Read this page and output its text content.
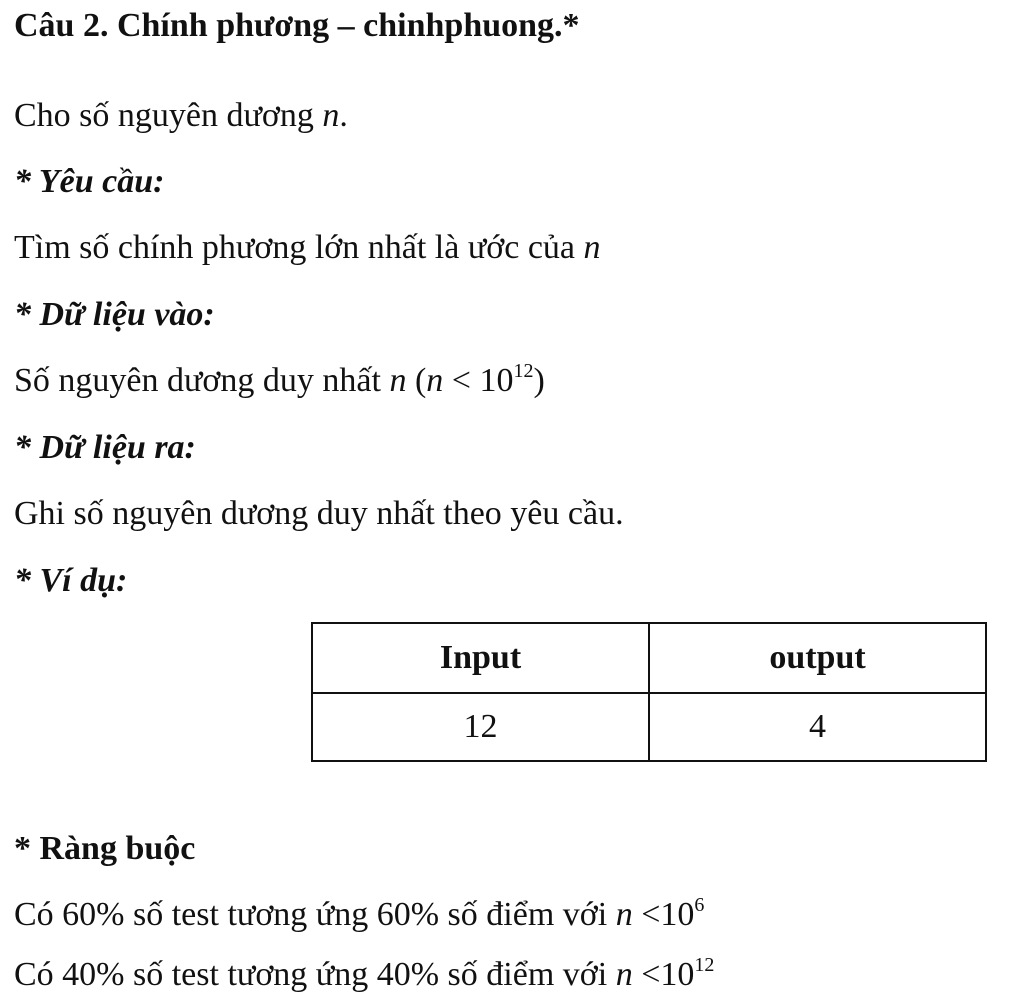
Câu 2. Chính phương – chinhphuong.*
Cho số nguyên dương n.
* Yêu cầu:
Tìm số chính phương lớn nhất là ước của n
* Dữ liệu vào:
Số nguyên dương duy nhất n $(n < 10^{12})$
* Dữ liệu ra:
Ghi số nguyên dương duy nhất theo yêu cầu.
* Ví dụ:
Input	output
12	4
* Ràng buộc
Có 60% số test tương ứng 60% số điểm với $n <10^6$
Có 40% số test tương ứng 40% số điểm với $n <10^{12}$
